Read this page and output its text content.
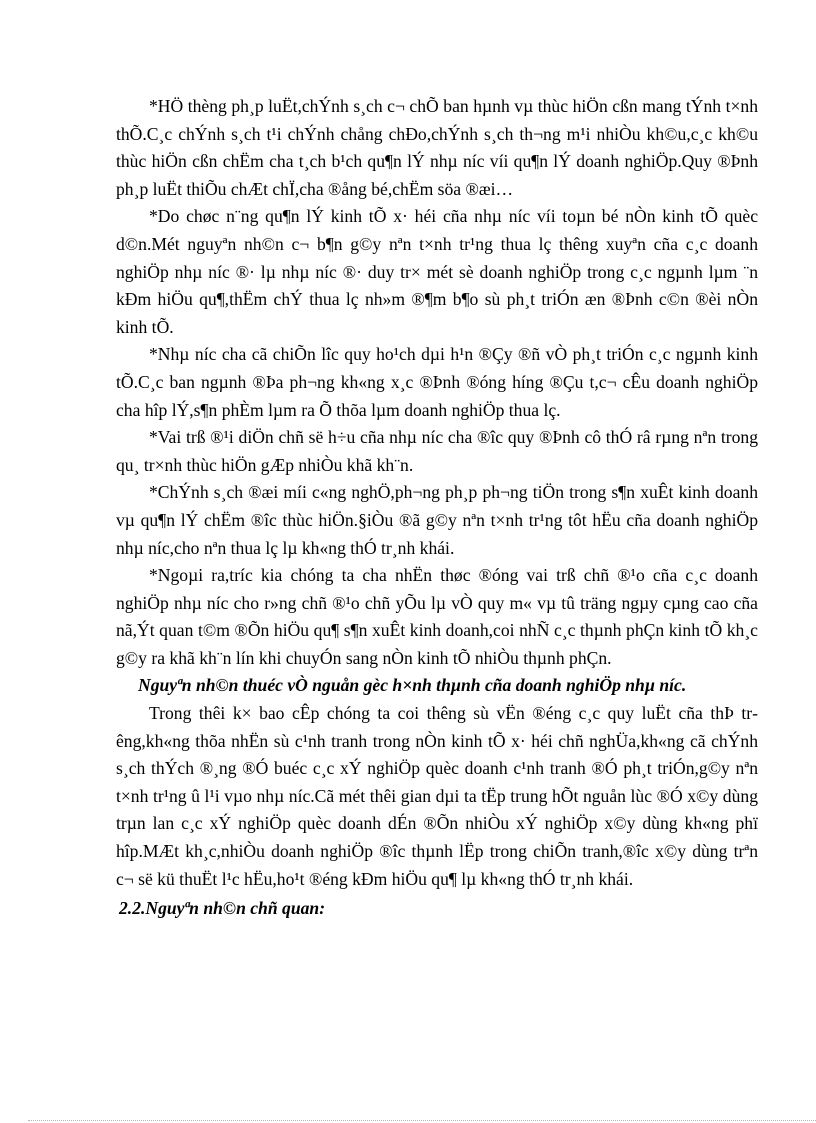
*HÖ thèng ph¸p luËt,chÝnh s¸ch c¬ chÕ ban hµnh vµ thùc hiÖn cßn mang tÝnh t×nh thÕ.C¸c chÝnh s¸ch t¹i chÝnh chång chÐo,chÝnh s¸ch th¬ng m¹i nhiÒu kh©u,c¸c kh©u thùc hiÖn cßn chËm cha t¸ch b¹ch qu¶n lÝ nhµ níc víi qu¶n lÝ doanh nghiÖp.Quy ®Þnh ph¸p luËt thiÕu chÆt chÏ,cha ®ång bé,chËm söa ®æi…

*Do chøc n¨ng qu¶n lÝ kinh tÕ x· héi cña nhµ níc víi toµn bé nÒn kinh tÕ quèc d©n.Mét nguyªn nh©n c¬ b¶n g©y nªn t×nh tr¹ng thua lç thêng xuyªn cña c¸c doanh nghiÖp nhµ níc ®· lµ nhµ níc ®· duy tr× mét sè doanh nghiÖp trong c¸c ngµnh lµm ¨n kÐm hiÖu qu¶,thËm chÝ thua lç nh»m ®¶m b¶o sù ph¸t triÓn æn ®Þnh c©n ®èi nÒn kinh tÕ.

*Nhµ níc cha cã chiÕn lîc quy ho¹ch dµi h¹n ®Çy ®ñ vÒ ph¸t triÓn c¸c ngµnh kinh tÕ.C¸c ban ngµnh ®Þa ph¬ng kh«ng x¸c ®Þnh ®óng híng ®Çu t,c¬ cÊu doanh nghiÖp cha hîp lÝ,s¶n phÈm lµm ra Õ thõa lµm doanh nghiÖp thua lç.

*Vai trß ®¹i diÖn chñ së h÷u cña nhµ níc cha ®îc quy ®Þnh cô thÓ râ rµng nªn trong qu¸ tr×nh thùc hiÖn gÆp nhiÒu khã kh¨n.

*ChÝnh s¸ch ®æi míi c«ng nghÖ,ph¬ng ph¸p ph¬ng tiÖn trong s¶n xuÊt kinh doanh vµ qu¶n lÝ chËm ®îc thùc hiÖn.§iÒu ®ã g©y nªn t×nh tr¹ng tôt hËu cña doanh nghiÖp nhµ níc,cho nªn thua lç lµ kh«ng thÓ tr¸nh khái.

*Ngoµi ra,tríc kia chóng ta cha nhËn thøc ®óng vai trß chñ ®¹o cña c¸c doanh nghiÖp nhµ níc cho r»ng chñ ®¹o chñ yÕu lµ vÒ quy m« vµ tû träng ngµy cµng cao cña nã,Ýt quan t©m ®Õn hiÖu qu¶ s¶n xuÊt kinh doanh,coi nhÑ c¸c thµnh phÇn kinh tÕ kh¸c g©y ra khã kh¨n lín khi chuyÓn sang nÒn kinh tÕ nhiÒu thµnh phÇn.

Nguyªn nh©n thuéc vÒ nguån gèc h×nh thµnh cña doanh nghiÖp nhµ níc.

Trong thêi k× bao cÊp chóng ta coi thêng sù vËn ®éng c¸c quy luËt cña thÞ trêng,kh«ng thõa nhËn sù c¹nh tranh trong nÒn kinh tÕ x· héi chñ nghÜa,kh«ng cã chÝnh s¸ch thÝch ®¸ng ®Ó buéc c¸c xÝ nghiÖp quèc doanh c¹nh tranh ®Ó ph¸t triÓn,g©y nªn t×nh tr¹ng û l¹i vµo nhµ níc.Cã mét thêi gian dµi ta tËp trung hÕt nguån lùc ®Ó x©y dùng trµn lan c¸c xÝ nghiÖp quèc doanh dÉn ®Õn nhiÒu xÝ nghiÖp x©y dùng kh«ng phï hîp.MÆt kh¸c,nhiÒu doanh nghiÖp ®îc thµnh lËp trong chiÕn tranh,®îc x©y dùng trªn c¬ së kü thuËt l¹c hËu,ho¹t ®éng kÐm hiÖu qu¶ lµ kh«ng thÓ tr¸nh khái.

2.2.Nguyªn nh©n chñ quan:
